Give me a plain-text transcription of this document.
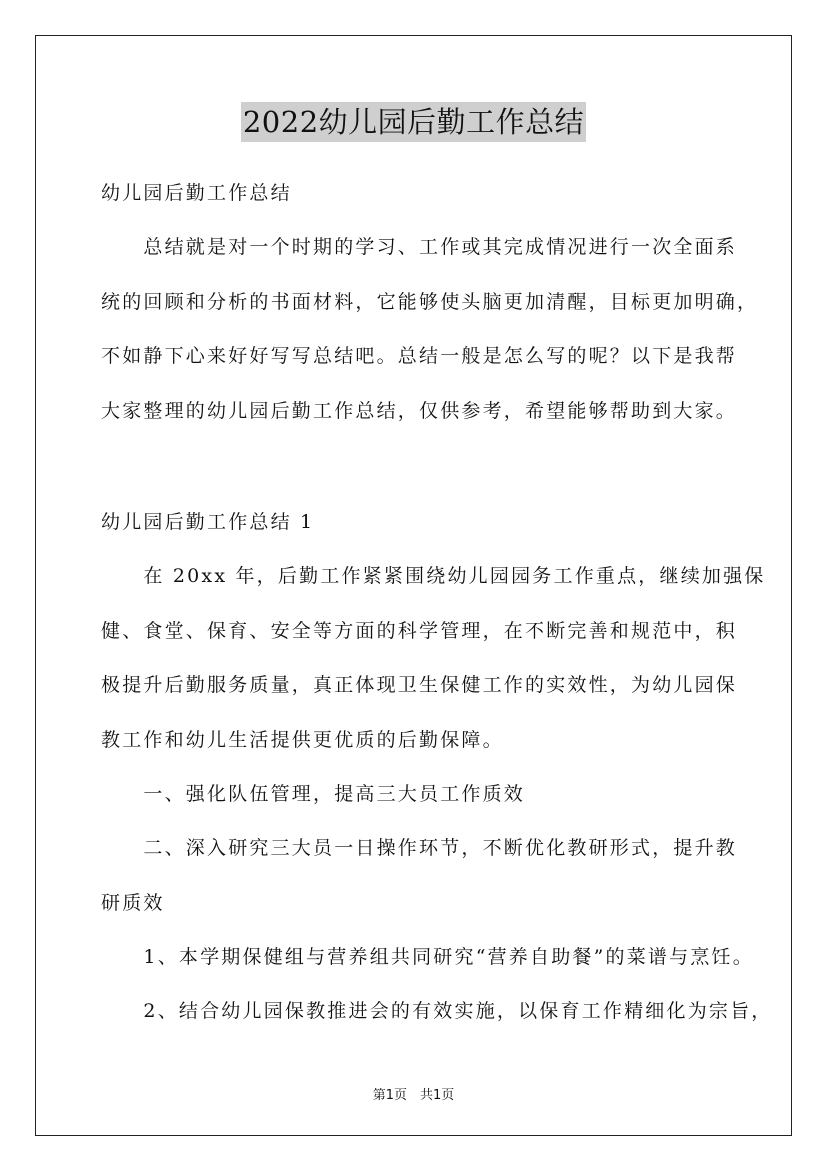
2022幼儿园后勤工作总结
幼儿园后勤工作总结
　　总结就是对一个时期的学习、工作或其完成情况进行一次全面系
统的回顾和分析的书面材料，它能够使头脑更加清醒，目标更加明确，
不如静下心来好好写写总结吧。总结一般是怎么写的呢？以下是我帮
大家整理的幼儿园后勤工作总结，仅供参考，希望能够帮助到大家。
幼儿园后勤工作总结 1
　　在 20xx 年，后勤工作紧紧围绕幼儿园园务工作重点，继续加强保
健、食堂、保育、安全等方面的科学管理，在不断完善和规范中，积
极提升后勤服务质量，真正体现卫生保健工作的实效性，为幼儿园保
教工作和幼儿生活提供更优质的后勤保障。
　　一、强化队伍管理，提高三大员工作质效
　　二、深入研究三大员一日操作环节，不断优化教研形式，提升教
研质效
　　1、本学期保健组与营养组共同研究“营养自助餐”的菜谱与烹饪。
　　2、结合幼儿园保教推进会的有效实施，以保育工作精细化为宗旨，
第1页　共1页
